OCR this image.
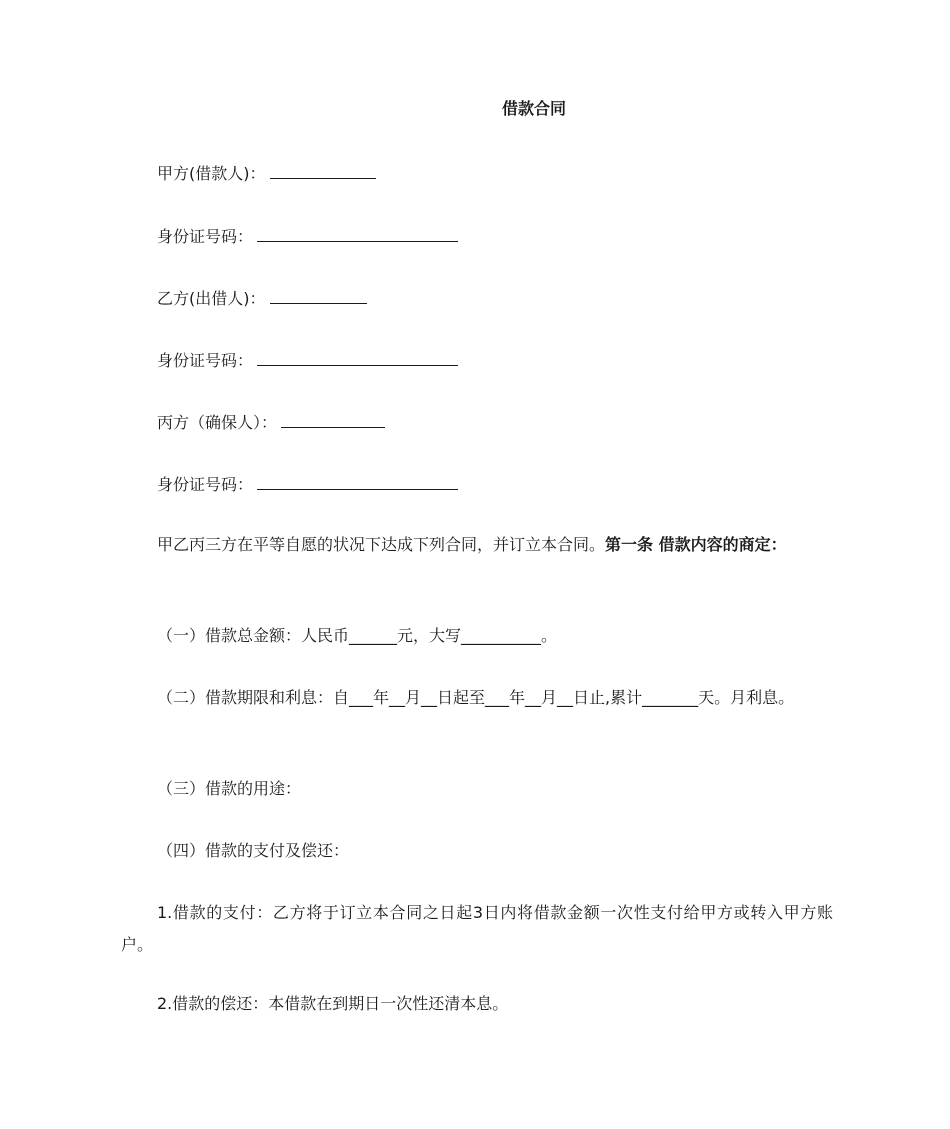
借款合同
甲方(借款人)：
身份证号码：
乙方(出借人)：
身份证号码：
丙方（确保人）：
身份证号码：
甲乙丙三方在平等自愿的状况下达成下列合同，并订立本合同。第一条 借款内容的商定：
（一）借款总金额：人民币______元，大写__________。
（二）借款期限和利息：自___年__月__日起至___年__月__日止,累计_______天。月利息。
（三）借款的用途：
（四）借款的支付及偿还：
1.借款的支付：乙方将于订立本合同之日起3日内将借款金额一次性支付给甲方或转入甲方账户。
2.借款的偿还：本借款在到期日一次性还清本息。
